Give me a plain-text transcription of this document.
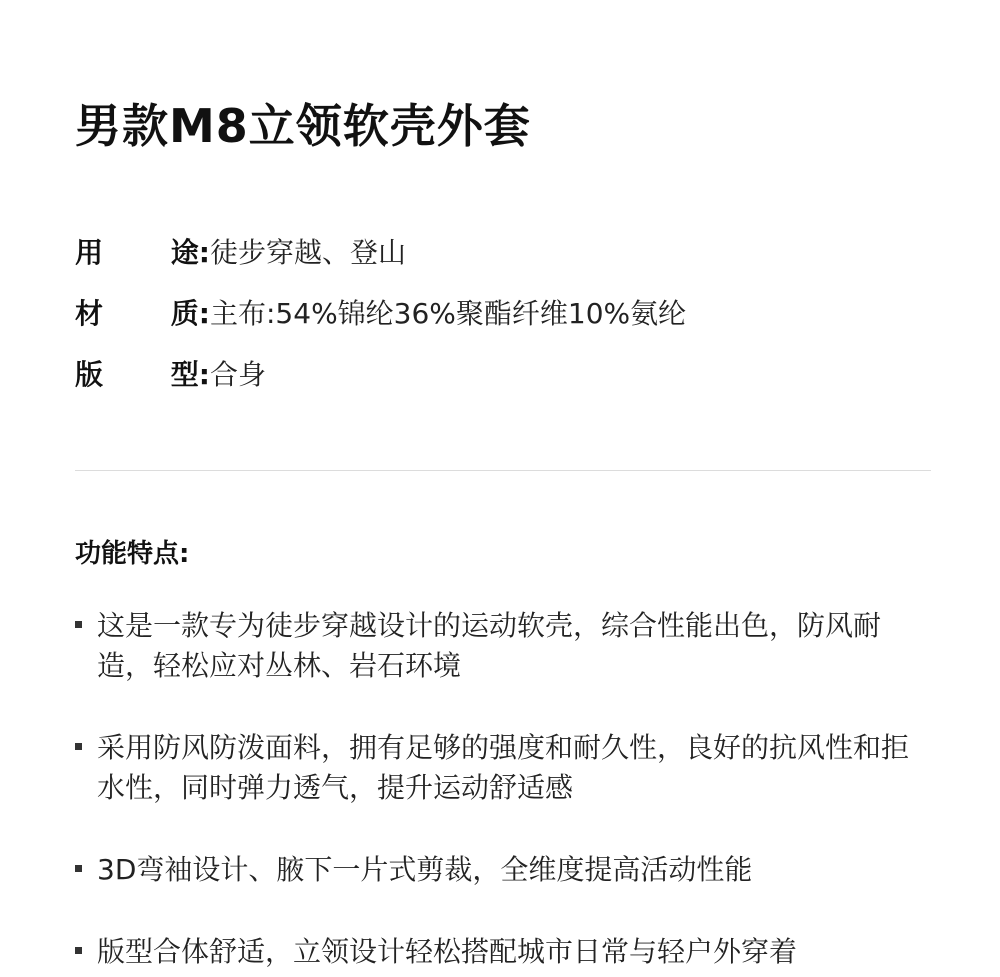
男款M8立领软壳外套
用 途: 徒步穿越、登山
材 质: 主布:54%锦纶36%聚酯纤维10%氨纶
版 型: 合身
功能特点:
这是一款专为徒步穿越设计的运动软壳，综合性能出色，防风耐造，轻松应对丛林、岩石环境
采用防风防泼面料，拥有足够的强度和耐久性，良好的抗风性和拒水性，同时弹力透气，提升运动舒适感
3D弯袖设计、腋下一片式剪裁，全维度提高活动性能
版型合体舒适，立领设计轻松搭配城市日常与轻户外穿着
